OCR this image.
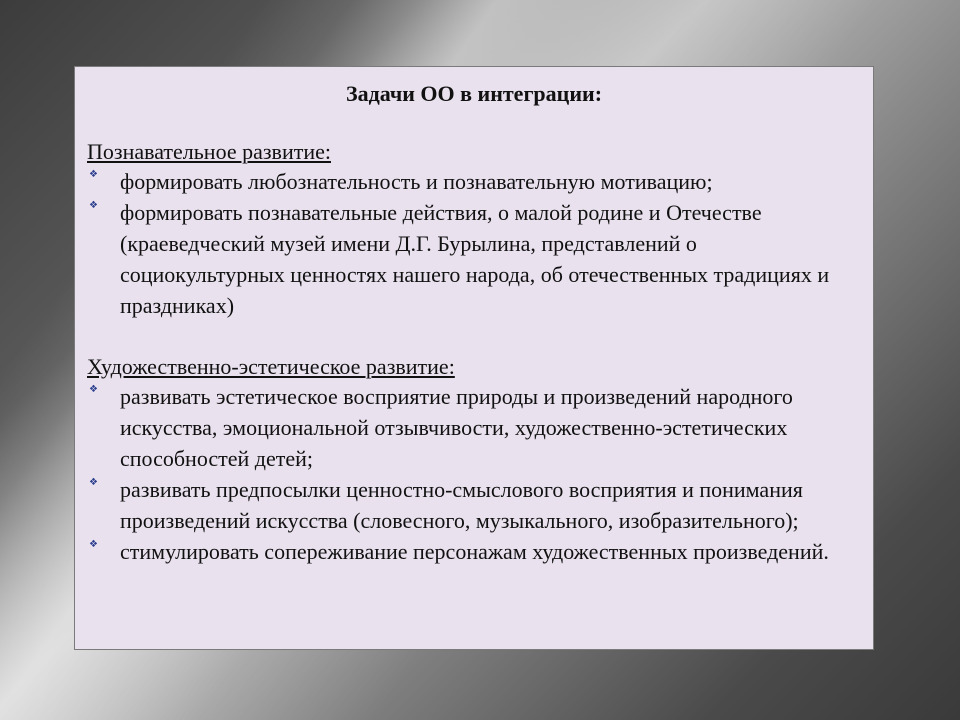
Задачи ОО в интеграции:

Познавательное развитие:

❖ формировать любознательность и познавательную мотивацию;
❖ формировать познавательные действия, о малой родине и Отечестве (краеведческий музей имени Д.Г. Бурылина, представлений о социокультурных ценностях нашего народа, об отечественных традициях и праздниках)

Художественно-эстетическое развитие:

❖ развивать эстетическое восприятие природы и произведений народного искусства, эмоциональной отзывчивости, художественно-эстетических способностей детей;
❖ развивать предпосылки ценностно-смыслового восприятия и понимания произведений искусства (словесного, музыкального, изобразительного);
❖ стимулировать сопереживание персонажам художественных произведений.
